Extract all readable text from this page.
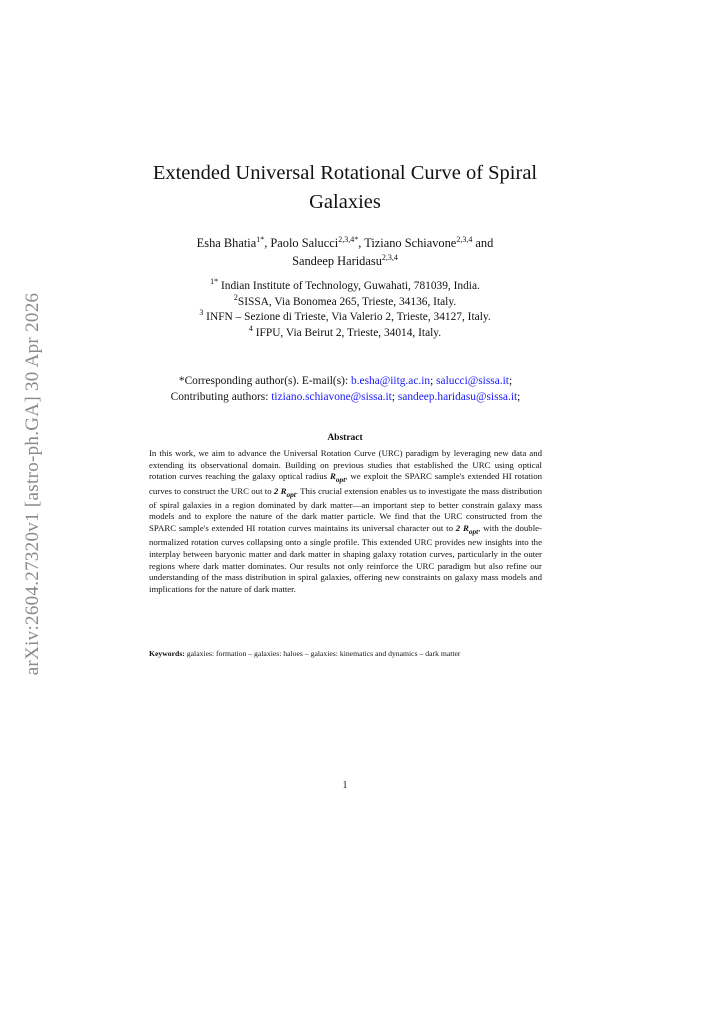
arXiv:2604.27320v1 [astro-ph.GA] 30 Apr 2026
Extended Universal Rotational Curve of Spiral
Galaxies
Esha Bhatia$^{1*}$, Paolo Salucci$^{2,3,4*}$, Tiziano Schiavone$^{2,3,4}$ and
Sandeep Haridasu$^{2,3,4}$
$^{1*}$ Indian Institute of Technology, Guwahati, 781039, India.
$^2$SISSA, Via Bonomea 265, Trieste, 34136, Italy.
$^3$ INFN – Sezione di Trieste, Via Valerio 2, Trieste, 34127, Italy.
$^4$ IFPU, Via Beirut 2, Trieste, 34014, Italy.
*Corresponding author(s). E-mail(s): b.esha@iitg.ac.in; salucci@sissa.it;
Contributing authors: tiziano.schiavone@sissa.it; sandeep.haridasu@sissa.it;
Abstract
In this work, we aim to advance the Universal Rotation Curve (URC) paradigm by leveraging new data and extending its observational domain. Building on previous studies that established the URC using optical rotation curves reaching the galaxy optical radius $R_{opt}$, we exploit the SPARC sample's extended HI rotation curves to construct the URC out to 2 $R_{opt}$. This crucial extension enables us to investigate the mass distribution of spiral galaxies in a region dominated by dark matter—an important step to better constrain galaxy mass models and to explore the nature of the dark matter particle. We find that the URC constructed from the SPARC sample's extended HI rotation curves maintains its universal character out to 2 $R_{opt}$, with the double-normalized rotation curves collapsing onto a single profile. This extended URC provides new insights into the interplay between baryonic matter and dark matter in shaping galaxy rotation curves, particularly in the outer regions where dark matter dominates. Our results not only reinforce the URC paradigm but also refine our understanding of the mass distribution in spiral galaxies, offering new constraints on galaxy mass models and implications for the nature of dark matter.
Keywords: galaxies: formation – galaxies: haloes – galaxies: kinematics and dynamics – dark matter
1
